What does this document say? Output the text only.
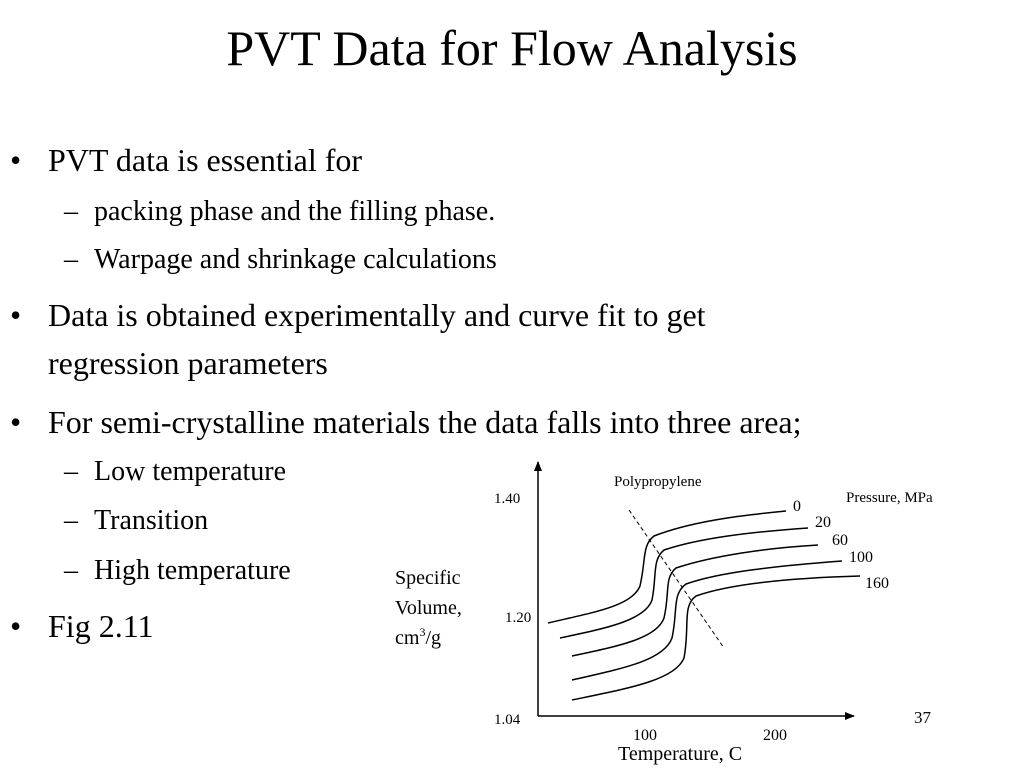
PVT Data for Flow Analysis
• PVT data is essential for
– packing phase and the filling phase.
– Warpage and shrinkage calculations
• Data is obtained experimentally and curve fit to get
regression parameters
• For semi-crystalline materials the data falls into three area;
– Low temperature
– Transition
– High temperature
• Fig 2.11
Polypropylene
Pressure, MPa
0
20
60
100
160
1.40
1.20
1.04
100	200
Specific
Volume,
$cm^3/g$
Temperature, C
37
